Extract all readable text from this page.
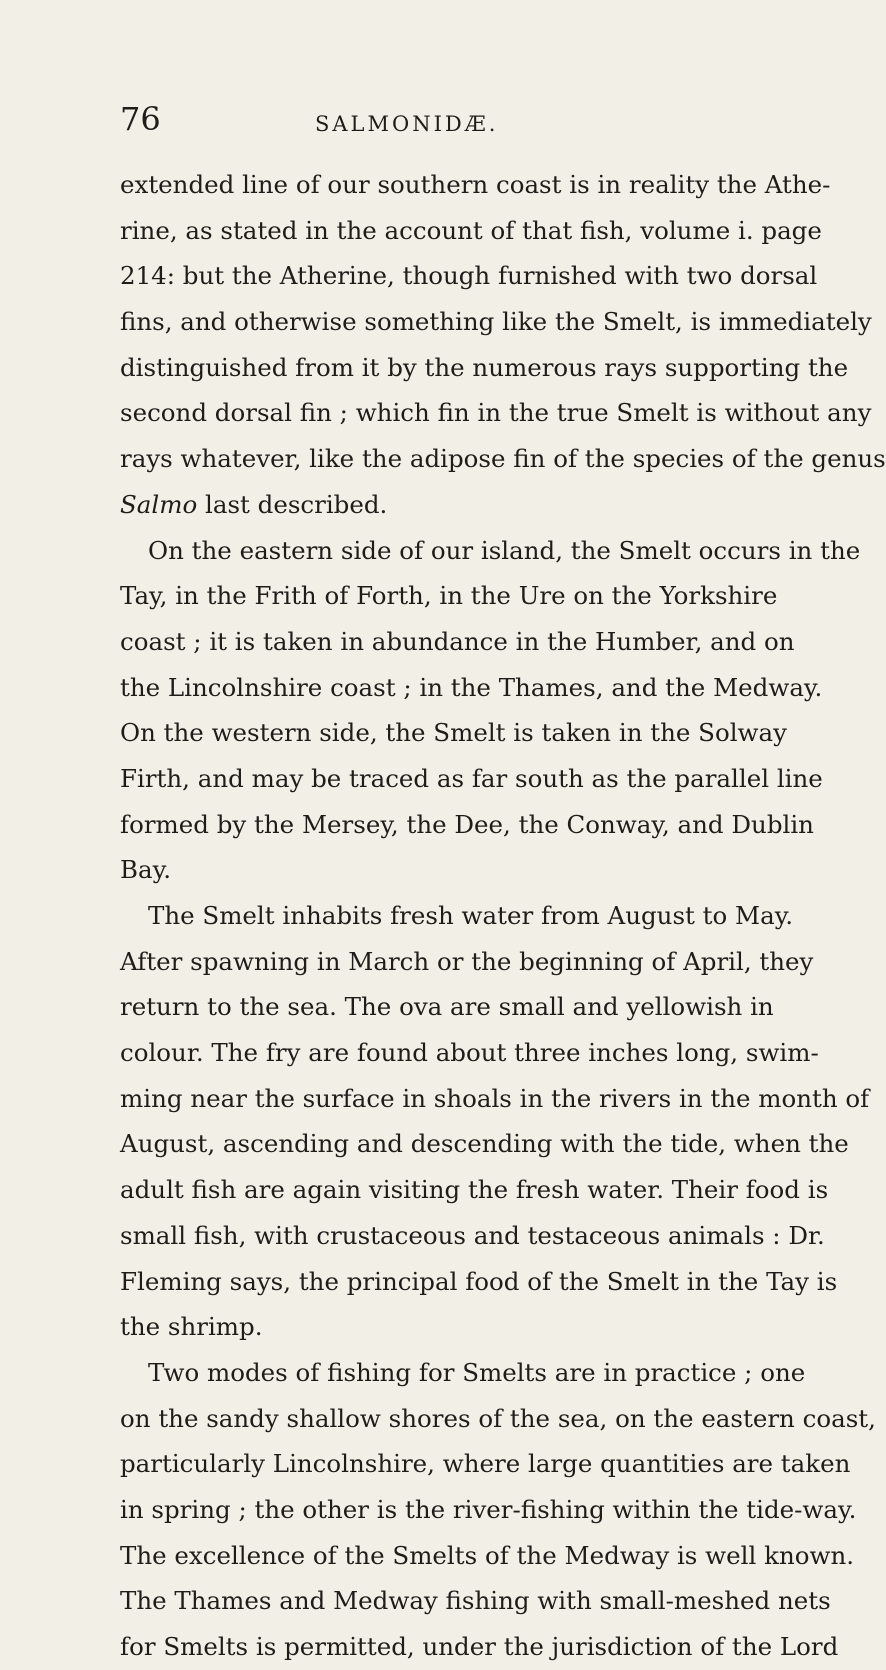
76	SALMONIDÆ.
extended line of our southern coast is in reality the Athe-
rine, as stated in the account of that fish, volume i. page
214: but the Atherine, though furnished with two dorsal
fins, and otherwise something like the Smelt, is immediately
distinguished from it by the numerous rays supporting the
second dorsal fin ; which fin in the true Smelt is without any
rays whatever, like the adipose fin of the species of the genus
Salmo last described.
On the eastern side of our island, the Smelt occurs in the
Tay, in the Frith of Forth, in the Ure on the Yorkshire
coast ; it is taken in abundance in the Humber, and on
the Lincolnshire coast ; in the Thames, and the Medway.
On the western side, the Smelt is taken in the Solway
Firth, and may be traced as far south as the parallel line
formed by the Mersey, the Dee, the Conway, and Dublin
Bay.
The Smelt inhabits fresh water from August to May.
After spawning in March or the beginning of April, they
return to the sea. The ova are small and yellowish in
colour. The fry are found about three inches long, swim-
ming near the surface in shoals in the rivers in the month of
August, ascending and descending with the tide, when the
adult fish are again visiting the fresh water. Their food is
small fish, with crustaceous and testaceous animals : Dr.
Fleming says, the principal food of the Smelt in the Tay is
the shrimp.
Two modes of fishing for Smelts are in practice ; one
on the sandy shallow shores of the sea, on the eastern coast,
particularly Lincolnshire, where large quantities are taken
in spring ; the other is the river-fishing within the tide-way.
The excellence of the Smelts of the Medway is well known.
The Thames and Medway fishing with small-meshed nets
for Smelts is permitted, under the jurisdiction of the Lord
